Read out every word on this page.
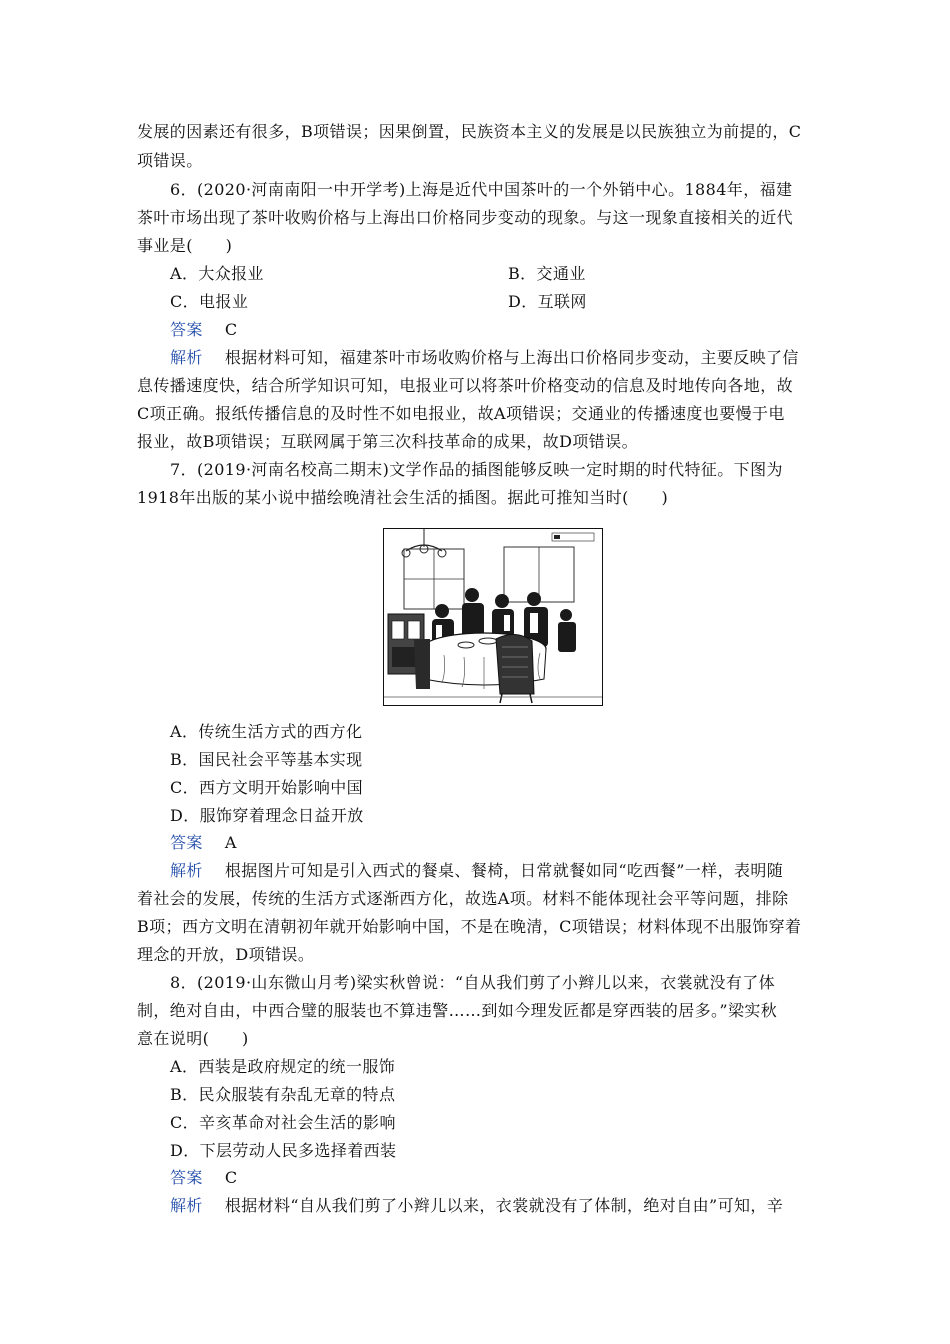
发展的因素还有很多，B项错误；因果倒置，民族资本主义的发展是以民族独立为前提的，C
项错误。
6．(2020·河南南阳一中开学考)上海是近代中国茶叶的一个外销中心。1884年，福建
茶叶市场出现了茶叶收购价格与上海出口价格同步变动的现象。与这一现象直接相关的近代
事业是(　　)
A．大众报业	B．交通业
C．电报业	D．互联网
答案 C
解析 根据材料可知，福建茶叶市场收购价格与上海出口价格同步变动，主要反映了信
息传播速度快，结合所学知识可知，电报业可以将茶叶价格变动的信息及时地传向各地，故
C项正确。报纸传播信息的及时性不如电报业，故A项错误；交通业的传播速度也要慢于电
报业，故B项错误；互联网属于第三次科技革命的成果，故D项错误。
7．(2019·河南名校高二期末)文学作品的插图能够反映一定时期的时代特征。下图为
1918年出版的某小说中描绘晚清社会生活的插图。据此可推知当时(　　)
A．传统生活方式的西方化
B．国民社会平等基本实现
C．西方文明开始影响中国
D．服饰穿着理念日益开放
答案 A
解析 根据图片可知是引入西式的餐桌、餐椅，日常就餐如同“吃西餐”一样，表明随
着社会的发展，传统的生活方式逐渐西方化，故选A项。材料不能体现社会平等问题，排除
B项；西方文明在清朝初年就开始影响中国，不是在晚清，C项错误；材料体现不出服饰穿着
理念的开放，D项错误。
8．(2019·山东微山月考)梁实秋曾说：“自从我们剪了小辫儿以来，衣裳就没有了体
制，绝对自由，中西合璧的服装也不算违警……到如今理发匠都是穿西装的居多。”梁实秋
意在说明(　　)
A．西装是政府规定的统一服饰
B．民众服装有杂乱无章的特点
C．辛亥革命对社会生活的影响
D．下层劳动人民多选择着西装
答案 C
解析 根据材料“自从我们剪了小辫儿以来，衣裳就没有了体制，绝对自由”可知，辛
